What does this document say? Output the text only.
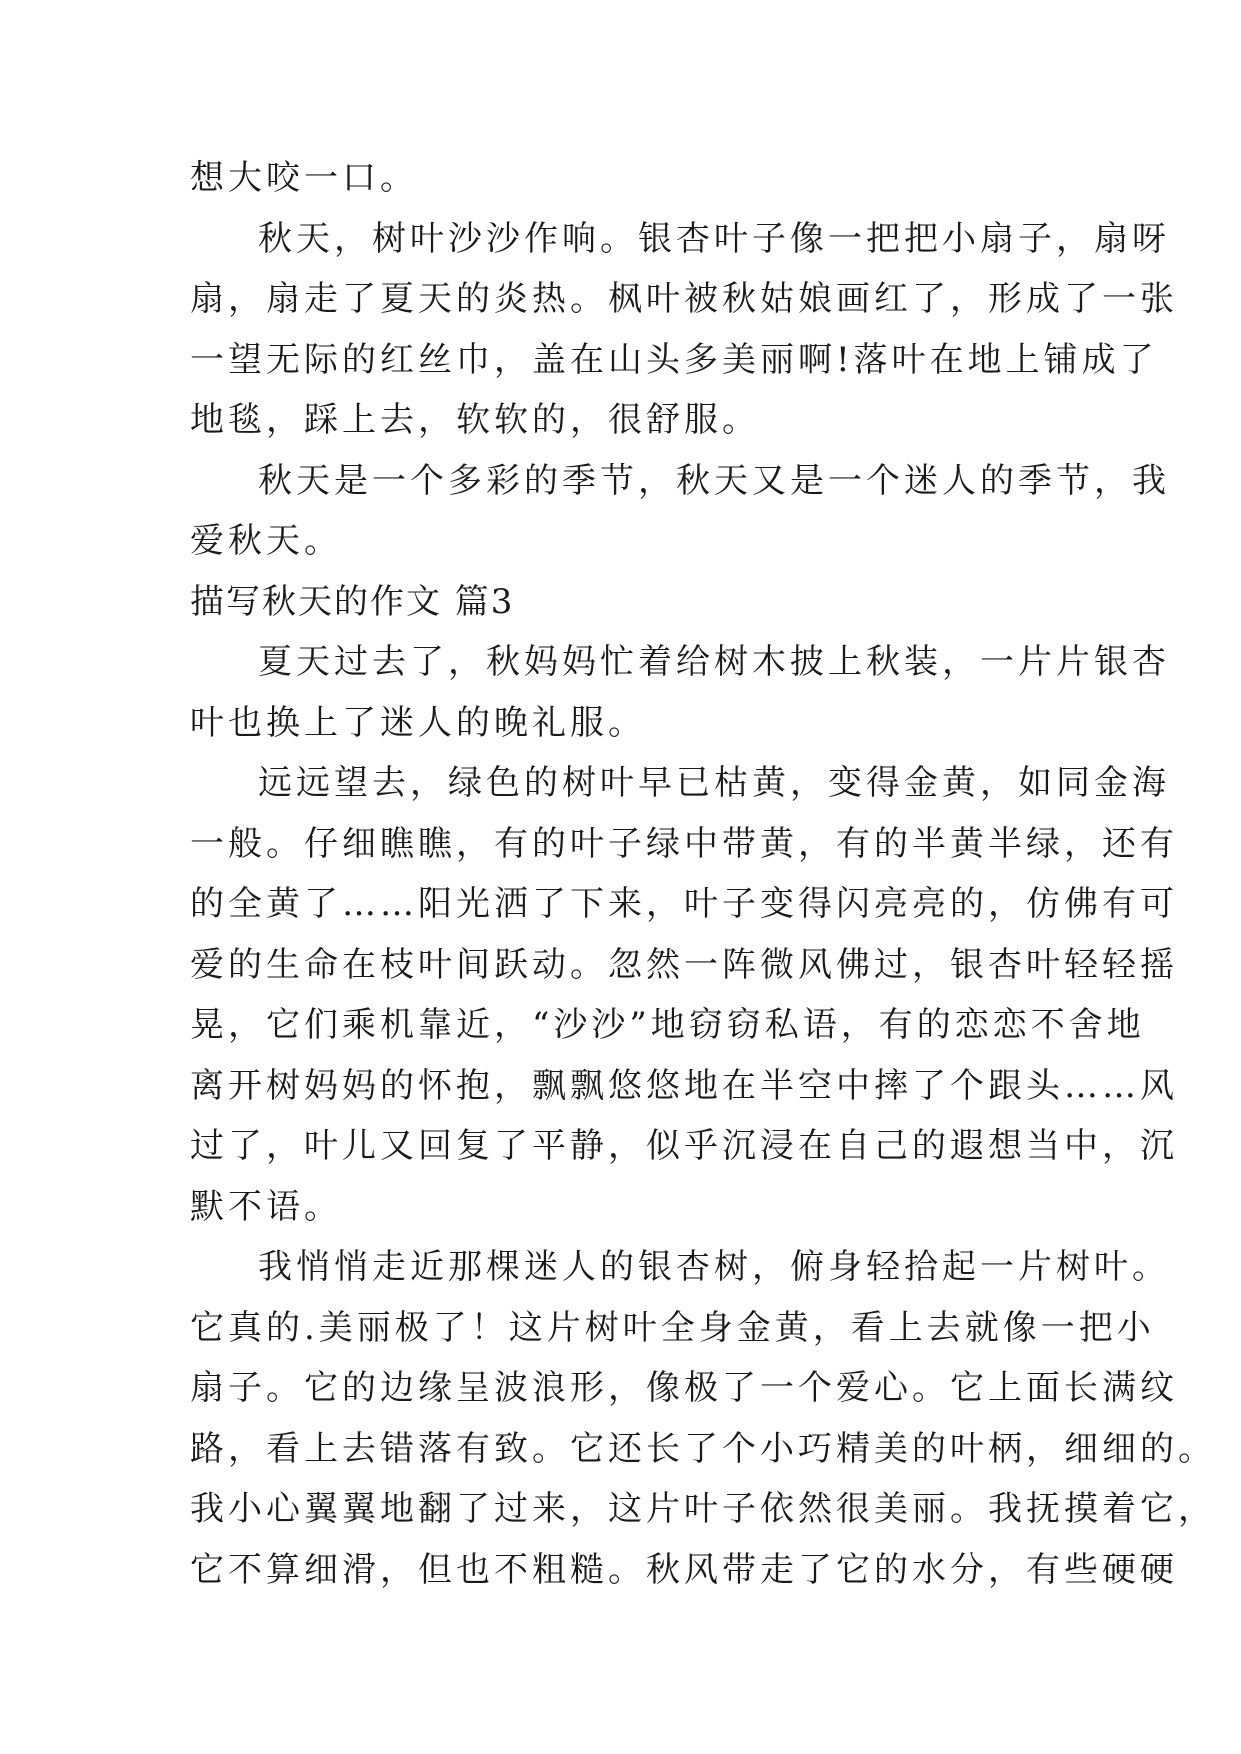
想大咬一口。
秋天，树叶沙沙作响。银杏叶子像一把把小扇子，扇呀
扇，扇走了夏天的炎热。枫叶被秋姑娘画红了，形成了一张
一望无际的红丝巾，盖在山头多美丽啊!落叶在地上铺成了
地毯，踩上去，软软的，很舒服。
秋天是一个多彩的季节，秋天又是一个迷人的季节，我
爱秋天。
描写秋天的作文 篇3
夏天过去了，秋妈妈忙着给树木披上秋装，一片片银杏
叶也换上了迷人的晚礼服。
远远望去，绿色的树叶早已枯黄，变得金黄，如同金海
一般。仔细瞧瞧，有的叶子绿中带黄，有的半黄半绿，还有
的全黄了……阳光洒了下来，叶子变得闪亮亮的，仿佛有可
爱的生命在枝叶间跃动。忽然一阵微风佛过，银杏叶轻轻摇
晃，它们乘机靠近，“沙沙”地窃窃私语，有的恋恋不舍地
离开树妈妈的怀抱，飘飘悠悠地在半空中摔了个跟头……风
过了，叶儿又回复了平静，似乎沉浸在自己的遐想当中，沉
默不语。
我悄悄走近那棵迷人的银杏树，俯身轻拾起一片树叶。
它真的.美丽极了！这片树叶全身金黄，看上去就像一把小
扇子。它的边缘呈波浪形，像极了一个爱心。它上面长满纹
路，看上去错落有致。它还长了个小巧精美的叶柄，细细的。
我小心翼翼地翻了过来，这片叶子依然很美丽。我抚摸着它，
它不算细滑，但也不粗糙。秋风带走了它的水分，有些硬硬
